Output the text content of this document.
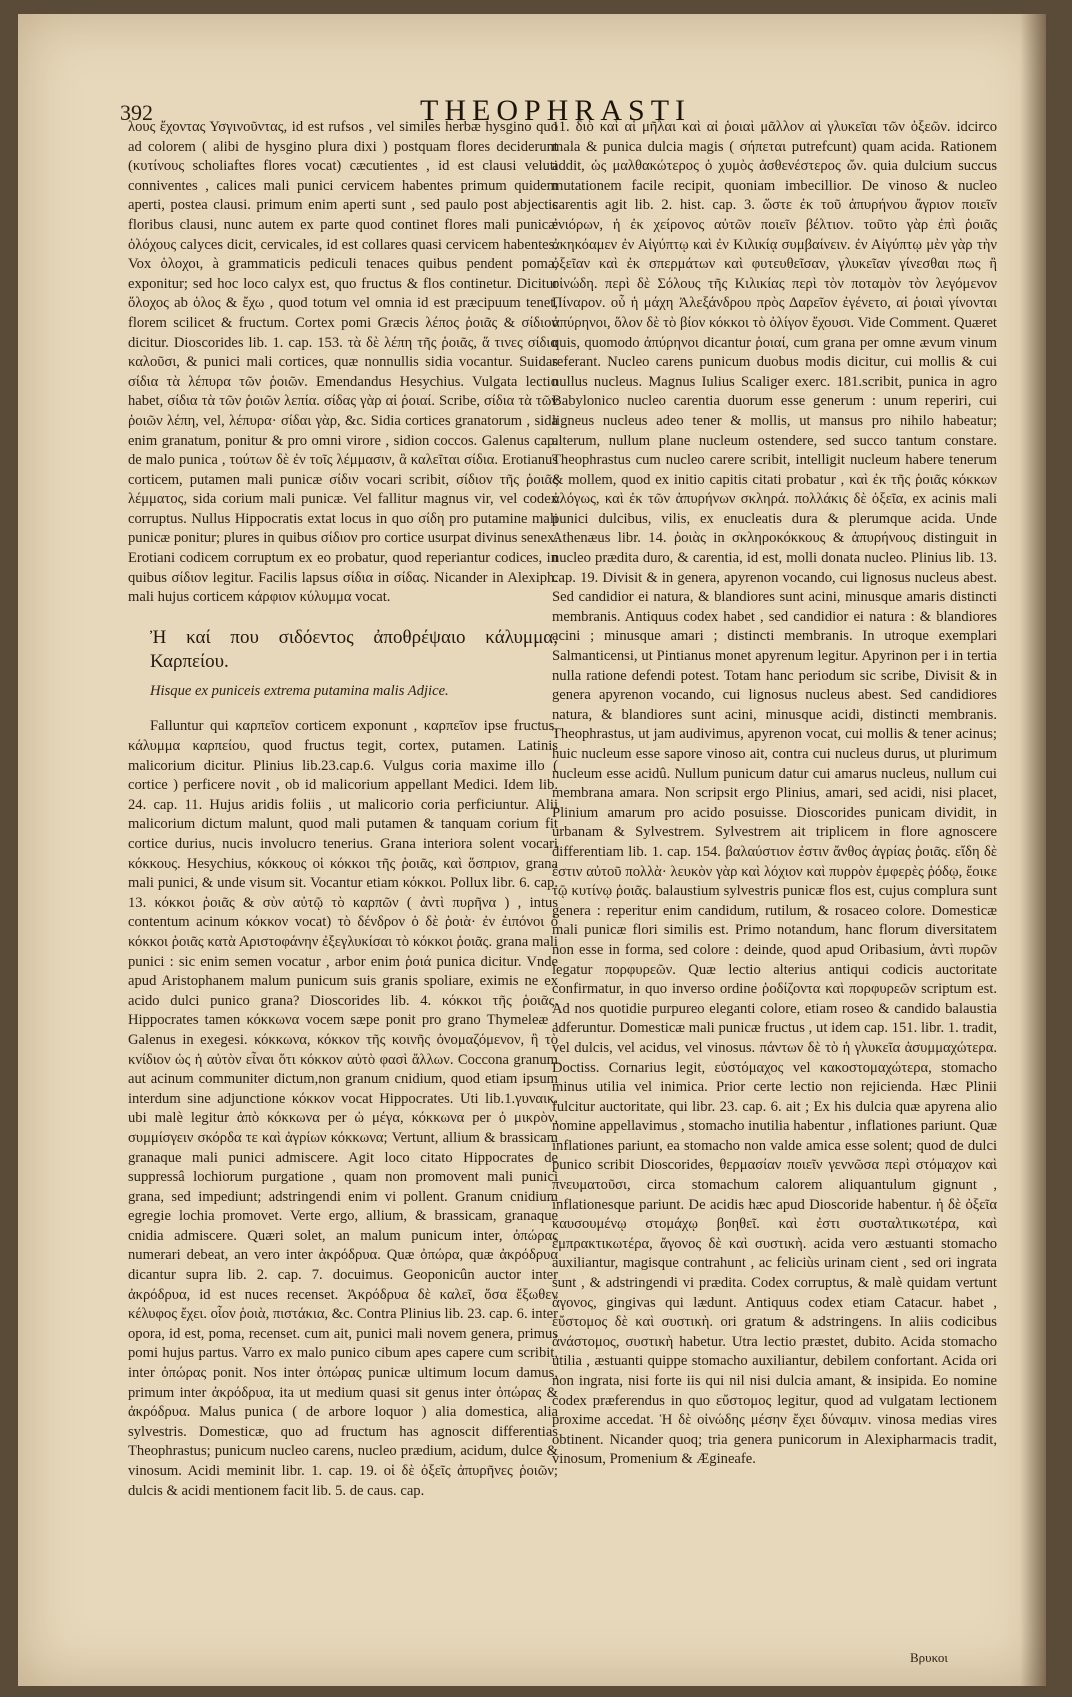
392	THEOPHRASTI

λους ἔχοντας Υσγινοῦντας, id est rufsos , vel similes herbæ hysgino quo ad colorem ( alibi de hysgino plura dixi ) postquam flores deciderunt (κυτίνους scholiaftes flores vocat) cæcutientes , id est clausi veluti conniventes , calices mali punici cervicem habentes primum quidem aperti, postea clausi. primum enim aperti sunt , sed paulo post abjectis floribus clausi, nunc autem ex parte quod continet flores mali punicæ ὁλόχους calyces dicit, cervicales, id est collares quasi cervicem habentes. Vox ὁλοχοι, à grammaticis pediculi tenaces quibus pendent poma, exponitur; sed hoc loco calyx est, quo fructus & flos continetur. Dicitur ὅλοχος ab ὁλος & ἔχω , quod totum vel omnia id est præcipuum tenet, florem scilicet & fructum. Cortex pomi Græcis λέπος ῥοιᾶς & σίδιον dicitur. Dioscorides lib. 1. cap. 153. τὰ δὲ λέπη τῆς ῥοιᾶς, ἅ τινες σίδια καλοῦσι, & punici mali cortices, quæ nonnullis sidia vocantur. Suidas σίδια τὰ λέπυρα τῶν ῥοιῶν. Emendandus Hesychius. Vulgata lectio habet, σίδια τὰ τῶν ῥοιῶν λεπία. σίδας γὰρ αἱ ῥοιαί. Scribe, σίδια τὰ τῶν ῥοιῶν λέπη, vel, λέπυρα· σίδαι γὰρ, &c. Sidia cortices granatorum , sida enim granatum, ponitur & pro omni virore , sidion coccos. Galenus cap. de malo punica , τούτων δὲ ἐν τοῖς λέμμασιν, ἃ καλεῖται σίδια. Erotianus corticem, putamen mali punicæ σίδιν vocari scribit, σίδιον τῆς ῥοιᾶς λέμματος, sida corium mali punicæ. Vel fallitur magnus vir, vel codex corruptus. Nullus Hippocratis extat locus in quo σίδη pro putamine mali punicæ ponitur; plures in quibus σίδιον pro cortice usurpat divinus senex. Erotiani codicem corruptum ex eo probatur, quod reperiantur codices, in quibus σίδιον legitur. Facilis lapsus σίδια in σίδας. Nicander in Alexiph. mali hujus corticem κάρφιον κύλυμμα vocat.

Ἠ καί που σιδόεντος ἀποθρέψαιο κάλυμμα, Καρπείου.
Hisque ex puniceis extrema putamina malis Adjice.

Falluntur qui καρπεῖον corticem exponunt , καρπεῖον ipse fructus, κάλυμμα καρπείου, quod fructus tegit, cortex, putamen. Latinis malicorium dicitur. Plinius lib.23.cap.6. Vulgus coria maxime illo ( cortice ) perficere novit , ob id malicorium appellant Medici. Idem lib. 24. cap. 11. Hujus aridis foliis , ut malicorio coria perficiuntur. Alii malicorium dictum malunt, quod mali putamen & tanquam corium fit cortice durius, nucis involucro tenerius. Grana interiora solent vocari κόκκους. Hesychius, κόκκους οἱ κόκκοι τῆς ῥοιᾶς, καὶ ὅσπριον, grana mali punici, & unde visum sit. Vocantur etiam κόκκοι. Pollux libr. 6. cap. 13. κόκκοι ῥοιᾶς & σὺν αὐτῷ τὸ καρπῶν ( ἀντὶ πυρῆνα ) , intus contentum acinum κόκκον vocat) τὸ δένδρον ὁ δὲ ῥοιὰ· ἐν ἐιπόνοι ὁ κόκκοι ῥοιᾶς κατὰ Αριστοφάνην ἐξεγλυκίσαι τὸ κόκκοι ῥοιᾶς. grana mali punici : sic enim semen vocatur , arbor enim ῥοιά punica dicitur. Vnde apud Aristophanem malum punicum suis granis spoliare, eximis ne ex acido dulci punico grana? Dioscorides lib. 4. κόκκοι τῆς ῥοιᾶς. Hippocrates tamen κόκκωνα vocem sæpe ponit pro grano Thymeleæ , Galenus in exegesi. κόκκωνα, κόκκον τῆς κοινῆς ὀνομαζόμενον, ἢ τὸ κνίδιον ὡς ἡ αὐτὸν εἶναι ὅτι κόκκον αὐτὸ φασὶ ἄλλων. Coccona granum aut acinum communiter dictum,non granum cnidium, quod etiam ipsum interdum sine adjunctione κόκκον vocat Hippocrates. Uti lib.1.γυναικ. ubi malè legitur ἀπὸ κόκκωνα per ὠ μέγα, κόκκωνα per ὀ μικρὸν, συμμίσγειν σκόρδα τε καὶ ἀγρίων κόκκωνα; Vertunt, allium & brassicam granaque mali punici admiscere. Agit loco citato Hippocrates de suppressâ lochiorum purgatione , quam non promovent mali punici grana, sed impediunt; adstringendi enim vi pollent. Granum cnidium egregie lochia promovet. Verte ergo, allium, & brassicam, granaque cnidia admiscere. Quæri solet, an malum punicum inter, ὀπώρας numerari debeat, an vero inter ἀκρόδρυα. Quæ ὀπώρα, quæ ἀκρόδρυα dicantur supra lib. 2. cap. 7. docuimus. Geoponicûn auctor inter ἀκρόδρυα, id est nuces recenset. Ἀκρόδρυα δὲ καλεῖ, ὅσα ἔξωθεν κέλυφος ἔχει. οἷον ῥοιὰ, πιστάκια, &c. Contra Plinius lib. 23. cap. 6. inter opora, id est, poma, recenset. cum ait, punici mali novem genera, primus pomi hujus partus. Varro ex malo punico cibum apes capere cum scribit, inter ὀπώρας ponit. Nos inter ὀπώρας punicæ ultimum locum damus, primum inter ἀκρόδρυα, ita ut medium quasi sit genus inter ὀπώρας & ἀκρόδρυα. Malus punica ( de arbore loquor ) alia domestica, alia sylvestris. Domesticæ, quo ad fructum has agnoscit differentias Theophrastus; punicum nucleo carens, nucleo prædium, acidum, dulce & vinosum. Acidi meminit libr. 1. cap. 19. οἱ δὲ ὀξεῖς ἀπυρῆνες ῥοιῶν; dulcis & acidi mentionem facit lib. 5. de caus. cap.

11. διὸ καὶ αἱ μῆλαι καὶ αἱ ῥοιαὶ μᾶλλον αἱ γλυκεῖαι τῶν ὀξεῶν. idcirco mala & punica dulcia magis ( σήπεται putrefcunt) quam acida. Rationem addit, ὡς μαλθακώτερος ὁ χυμὸς ἀσθενέστερος ὤν. quia dulcium succus mutationem facile recipit, quoniam imbecillior. De vinoso & nucleo carentis agit lib. 2. hist. cap. 3. ὥστε ἐκ τοῦ ἀπυρήνου ἄγριον ποιεῖν ἐνιόρων, ἡ ἐκ χείρονος αὐτῶν ποιεῖν βέλτιον. τοῦτο γὰρ ἐπὶ ῥοιᾶς ἀκηκόαμεν ἐν Αἰγύπτῳ καὶ ἐν Κιλικίᾳ συμβαίνειν. ἐν Αἰγύπτῳ μὲν γὰρ τὴν ὀξεῖαν καὶ ἐκ σπερμάτων καὶ φυτευθεῖσαν, γλυκεῖαν γίνεσθαι πως ἢ οἰνώδη. περὶ δὲ Σόλους τῆς Κιλικίας περὶ τὸν ποταμὸν τὸν λεγόμενον Πίναρον. οὗ ἡ μάχη Ἀλεξάνδρου πρὸς Δαρεῖον ἐγένετο, αἱ ῥοιαὶ γίνονται ἀπύρηνοι, ὅλον δὲ τὸ βίον κόκκοι τὸ ὀλίγον ἔχουσι. Vide Comment. Quæret quis, quomodo ἀπύρηνοι dicantur ῥοιαί, cum grana per omne ævum vinum referant. Nucleo carens punicum duobus modis dicitur, cui mollis & cui nullus nucleus. Magnus Iulius Scaliger exerc. 181.scribit, punica in agro Babylonico nucleo carentia duorum esse generum : unum reperiri, cui ligneus nucleus adeo tener & mollis, ut mansus pro nihilo habeatur; alterum, nullum plane nucleum ostendere, sed succo tantum constare. Theophrastus cum nucleo carere scribit, intelligit nucleum habere tenerum & mollem, quod ex initio capitis citati probatur , καὶ ἐκ τῆς ῥοιᾶς κόκκων ἀλόγως, καὶ ἐκ τῶν ἀπυρήνων σκληρά. πολλάκις δὲ ὀξεῖα, ex acinis mali punici dulcibus, vilis, ex enucleatis dura & plerumque acida. Unde Athenæus libr. 14. ῥοιὰς in σκληροκόκκους & ἀπυρήνους distinguit in nucleo prædita duro, & carentia, id est, molli donata nucleo. Plinius lib. 13. cap. 19. Divisit & in genera, apyrenon vocando, cui lignosus nucleus abest. Sed candidior ei natura, & blandiores sunt acini, minusque amaris distincti membranis. Antiquus codex habet , sed candidior ei natura : & blandiores acini ; minusque amari ; distincti membranis. In utroque exemplari Salmanticensi, ut Pintianus monet apyrenum legitur. Apyrinon per i in tertia nulla ratione defendi potest. Totam hanc periodum sic scribe, Divisit & in genera apyrenon vocando, cui lignosus nucleus abest. Sed candidiores natura, & blandiores sunt acini, minusque acidi, distincti membranis. Theophrastus, ut jam audivimus, apyrenon vocat, cui mollis & tener acinus; huic nucleum esse sapore vinoso ait, contra cui nucleus durus, ut plurimum nucleum esse acidû. Nullum punicum datur cui amarus nucleus, nullum cui membrana amara. Non scripsit ergo Plinius, amari, sed acidi, nisi placet, Plinium amarum pro acido posuisse. Dioscorides punicam dividit, in urbanam & Sylvestrem. Sylvestrem ait triplicem in flore agnoscere differentiam lib. 1. cap. 154. βαλαύστιον ἐστιν ἄνθος ἀγρίας ῥοιᾶς. εἴδη δὲ ἐστιν αὐτοῦ πολλὰ· λευκὸν γὰρ καὶ λόχιον καὶ πυρρὸν ἐμφερὲς ῥόδῳ, ἔοικε τῷ κυτίνῳ ῥοιᾶς. balaustium sylvestris punicæ flos est, cujus complura sunt genera : reperitur enim candidum, rutilum, & rosaceo colore. Domesticæ mali punicæ flori similis est. Primo notandum, hanc florum diversitatem non esse in forma, sed colore : deinde, quod apud Oribasium, ἀντὶ πυρῶν legatur πορφυρεῶν. Quæ lectio alterius antiqui codicis auctoritate confirmatur, in quo inverso ordine ῥοδίζοντα καὶ πορφυρεῶν scriptum est. Ad nos quotidie purpureo eleganti colore, etiam roseo & candido balaustia adferuntur. Domesticæ mali punicæ fructus , ut idem cap. 151. libr. 1. tradit, vel dulcis, vel acidus, vel vinosus. πάντων δὲ τὸ ἡ γλυκεῖα ἀσυμμαχώτερα. Doctiss. Cornarius legit, εὐστόμαχος vel κακοστομαχώτερα, stomacho minus utilia vel inimica. Prior certe lectio non rejicienda. Hæc Plinii fulcitur auctoritate, qui libr. 23. cap. 6. ait ; Ex his dulcia quæ apyrena alio nomine appellavimus , stomacho inutilia habentur , inflationes pariunt. Quæ inflationes pariunt, ea stomacho non valde amica esse solent; quod de dulci punico scribit Dioscorides, θερμασίαν ποιεῖν γεννῶσα περὶ στόμαχον καὶ πνευματοῦσι, circa stomachum calorem aliquantulum gignunt , inflationesque pariunt. De acidis hæc apud Dioscoride habentur. ἡ δὲ ὀξεῖα καυσουμένῳ στομάχῳ βοηθεῖ. καὶ ἐστι συσταλτικωτέρα, καὶ ἐμπρακτικωτέρα, ἄγονος δὲ καὶ συστικὴ. acida vero æstuanti stomacho auxiliantur, magisque contrahunt , ac feliciùs urinam cient , sed ori ingrata sunt , & adstringendi vi prædita. Codex corruptus, & malè quidam vertunt ἄγονος, gingivas qui lædunt. Antiquus codex etiam Catacur. habet , εὔστομος δὲ καὶ συστικὴ. ori gratum & adstringens. In aliis codicibus ἀνάστομος, συστικὴ habetur. Utra lectio præstet, dubito. Acida stomacho utilia , æstuanti quippe stomacho auxiliantur, debilem confortant. Acida ori non ingrata, nisi forte iis qui nil nisi dulcia amant, & insipida. Eo nomine codex præferendus in quo εὔστομος legitur, quod ad vulgatam lectionem proxime accedat. Ἡ δὲ οἰνώδης μέσην ἔχει δύναμιν. vinosa medias vires obtinent. Nicander quoq; tria genera punicorum in Alexipharmacis tradit, vinosum, Promenium & Ægineafe.

Βρυκοι
